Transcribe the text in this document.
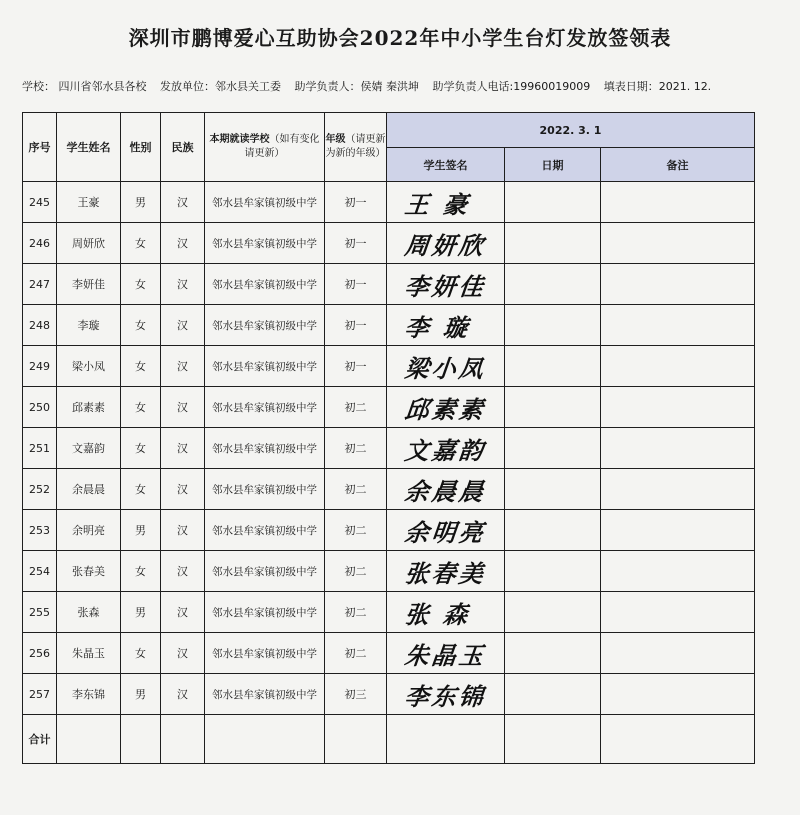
深圳市鹏博爱心互助协会2022年中小学生台灯发放签领表
学校： 四川省邻水县各校 发放单位：邻水县关工委 助学负责人：侯婧 秦洪坤 助学负责人电话:19960019009 填表日期：2021. 12.
序号	学生姓名	性别	民族	本期就读学校（如有变化请更新）	年级（请更新为新的年级）	2022. 3. 1		
						学生签名	日期	备注
245	王豪	男	汉	邻水县牟家镇初级中学	初一	王 豪		
246	周妍欣	女	汉	邻水县牟家镇初级中学	初一	周妍欣		
247	李妍佳	女	汉	邻水县牟家镇初级中学	初一	李妍佳		
248	李璇	女	汉	邻水县牟家镇初级中学	初一	李 璇		
249	梁小凤	女	汉	邻水县牟家镇初级中学	初一	梁小凤		
250	邱素素	女	汉	邻水县牟家镇初级中学	初二	邱素素		
251	文嘉韵	女	汉	邻水县牟家镇初级中学	初二	文嘉韵		
252	余晨晨	女	汉	邻水县牟家镇初级中学	初二	余晨晨		
253	余明亮	男	汉	邻水县牟家镇初级中学	初二	余明亮		
254	张春美	女	汉	邻水县牟家镇初级中学	初二	张春美		
255	张森	男	汉	邻水县牟家镇初级中学	初二	张 森		
256	朱晶玉	女	汉	邻水县牟家镇初级中学	初二	朱晶玉		
257	李东锦	男	汉	邻水县牟家镇初级中学	初三	李东锦		
合计								
